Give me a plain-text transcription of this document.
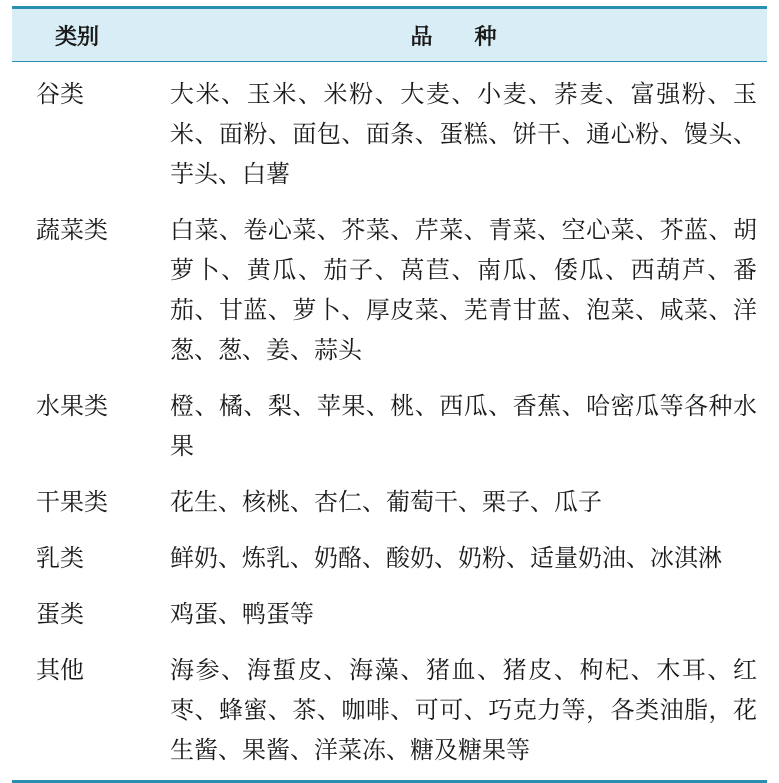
类别	品种
谷类	大米、玉米、米粉、大麦、小麦、荞麦、富强粉、玉米、面粉、面包、面条、蛋糕、饼干、通心粉、馒头、芋头、白薯
蔬菜类	白菜、卷心菜、芥菜、芹菜、青菜、空心菜、芥蓝、胡萝卜、黄瓜、茄子、莴苣、南瓜、倭瓜、西葫芦、番茄、甘蓝、萝卜、厚皮菜、芜青甘蓝、泡菜、咸菜、洋葱、葱、姜、蒜头
水果类	橙、橘、梨、苹果、桃、西瓜、香蕉、哈密瓜等各种水果
干果类	花生、核桃、杏仁、葡萄干、栗子、瓜子
乳类	鲜奶、炼乳、奶酪、酸奶、奶粉、适量奶油、冰淇淋
蛋类	鸡蛋、鸭蛋等
其他	海参、海蜇皮、海藻、猪血、猪皮、枸杞、木耳、红枣、蜂蜜、茶、咖啡、可可、巧克力等，各类油脂，花生酱、果酱、洋菜冻、糖及糖果等
